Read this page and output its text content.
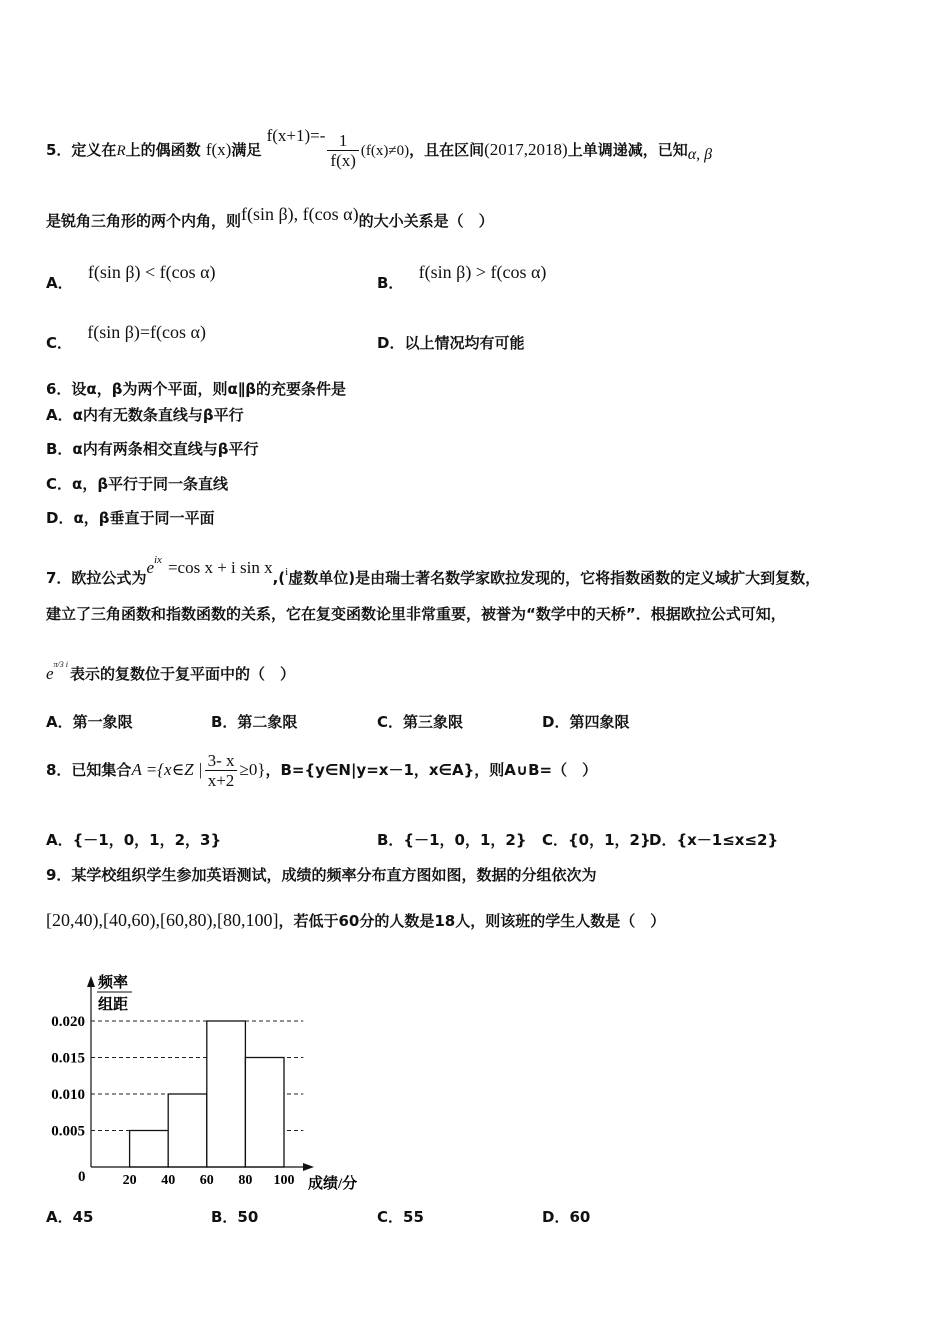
5．定义在R上的偶函数 f(x)满足 $f(x+1)=- \frac{1}{f(x)} (f(x)\ne 0)$，且在区间(2017,2018)上单调递减，已知α, β
是锐角三角形的两个内角，则f(sin β), f(cos α)的大小关系是（　）
A． f(sin β) < f(cos α)
B． f(sin β) > f(cos α)
C． f(sin β)=f(cos α)
D．以上情况均有可能
6．设α，β为两个平面，则α∥β的充要条件是
A．α内有无数条直线与β平行
B．α内有两条相交直线与β平行
C．α，β平行于同一条直线
D．α，β垂直于同一平面
7．欧拉公式为$e^{ix} =\cos$ x + i sin x,($^i$虚数单位)是由瑞士著名数学家欧拉发现的，它将指数函数的定义域扩大到复数，
建立了三角函数和指数函数的关系，它在复变函数论里非常重要，被誉为“数学中的天桥”．根据欧拉公式可知，
$e^{\pi/3 i}$表示的复数位于复平面中的（　）
A．第一象限	B．第二象限	C．第三象限	D．第四象限
8．已知集合A ={x∈Z | $\frac{3- x}{x+2} \ge 0$}，B={y∈N|y=x－1，x∈A}，则A∪B=（　）
A．{－1，0，1，2，3}	B．{－1，0，1，2} C．{0，1，2}
D．{x－1≤x≤2}
9．某学校组织学生参加英语测试，成绩的频率分布直方图如图，数据的分组依次为
[20,40),[40,60),[60,80),[80,100]，若低于60分的人数是18人，则该班的学生人数是（　）
频率
组距
0	成绩/分
0.005
0.010
0.015
0.020
20 40 60 80 100
A．45	B．50	C．55	D．60
